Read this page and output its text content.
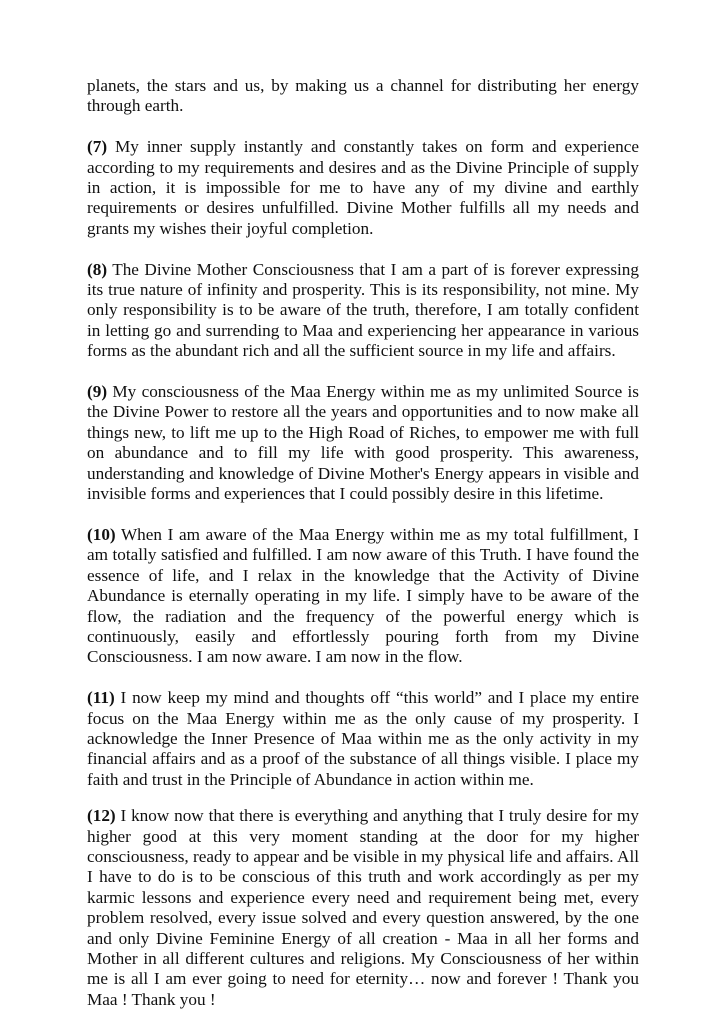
planets, the stars and us, by making us a channel for distributing her energy through earth.

(7) My inner supply instantly and constantly takes on form and experience according to my requirements and desires and as the Divine Principle of supply in action, it is impossible for me to have any of my divine and earthly requirements or desires unfulfilled. Divine Mother fulfills all my needs and grants my wishes their joyful completion.

(8) The Divine Mother Consciousness that I am a part of is forever expressing its true nature of infinity and prosperity. This is its responsibility, not mine. My only responsibility is to be aware of the truth, therefore, I am totally confident in letting go and surrending to Maa and experiencing her appearance in various forms as the abundant rich and all the sufficient source in my life and affairs.

(9) My consciousness of the Maa Energy within me as my unlimited Source is the Divine Power to restore all the years and opportunities and to now make all things new, to lift me up to the High Road of Riches, to empower me with full on abundance and to fill my life with good prosperity. This awareness, understanding and knowledge of Divine Mother's Energy appears in visible and invisible forms and experiences that I could possibly desire in this lifetime.

(10) When I am aware of the Maa Energy within me as my total fulfillment, I am totally satisfied and fulfilled. I am now aware of this Truth. I have found the essence of life, and I relax in the knowledge that the Activity of Divine Abundance is eternally operating in my life. I simply have to be aware of the flow, the radiation and the frequency of the powerful energy which is continuously, easily and effortlessly pouring forth from my Divine Consciousness. I am now aware. I am now in the flow.

(11) I now keep my mind and thoughts off “this world” and I place my entire focus on the Maa Energy within me as the only cause of my prosperity. I acknowledge the Inner Presence of Maa within me as the only activity in my financial affairs and as a proof of the substance of all things visible. I place my faith and trust in the Principle of Abundance in action within me.

(12) I know now that there is everything and anything that I truly desire for my higher good at this very moment standing at the door for my higher consciousness, ready to appear and be visible in my physical life and affairs. All I have to do is to be conscious of this truth and work accordingly as per my karmic lessons and experience every need and requirement being met, every problem resolved, every issue solved and every question answered, by the one and only Divine Feminine Energy of all creation - Maa in all her forms and Mother in all different cultures and religions. My Consciousness of her within me is all I am ever going to need for eternity… now and forever ! Thank you Maa ! Thank you !
